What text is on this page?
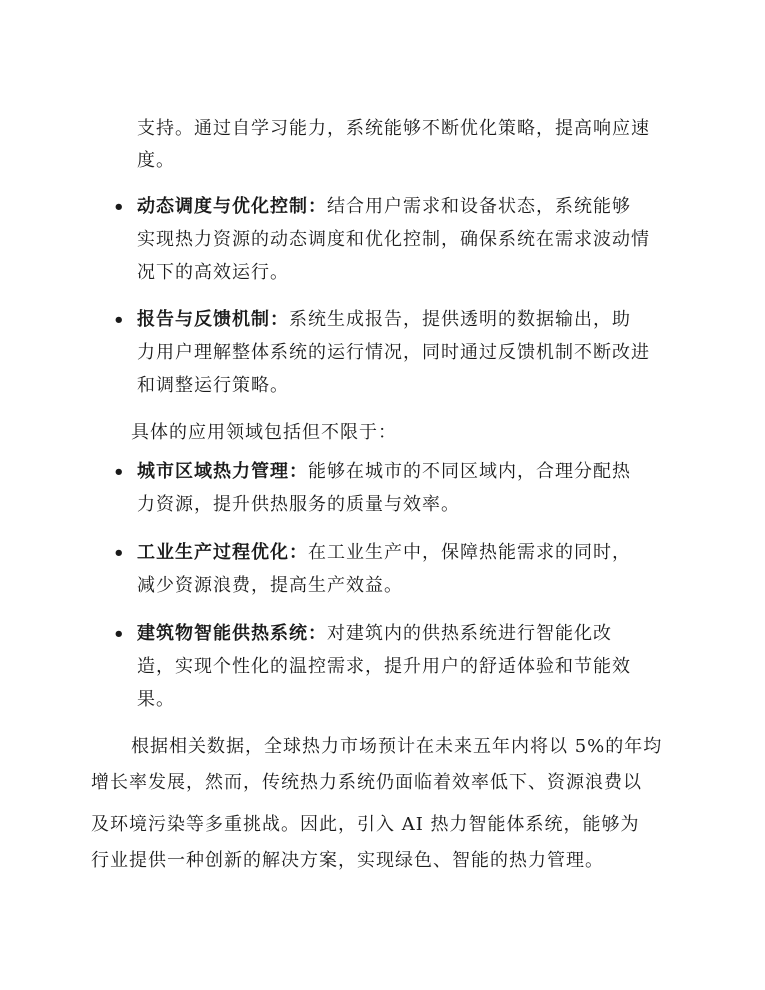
支持。通过自学习能力，系统能够不断优化策略，提高响应速
度。
• 动态调度与优化控制：结合用户需求和设备状态，系统能够
实现热力资源的动态调度和优化控制，确保系统在需求波动情
况下的高效运行。
• 报告与反馈机制：系统生成报告，提供透明的数据输出，助
力用户理解整体系统的运行情况，同时通过反馈机制不断改进
和调整运行策略。
具体的应用领域包括但不限于：
• 城市区域热力管理：能够在城市的不同区域内，合理分配热
力资源，提升供热服务的质量与效率。
• 工业生产过程优化：在工业生产中，保障热能需求的同时，
减少资源浪费，提高生产效益。
• 建筑物智能供热系统：对建筑内的供热系统进行智能化改
造，实现个性化的温控需求，提升用户的舒适体验和节能效
果。
根据相关数据，全球热力市场预计在未来五年内将以 5%的年均
增长率发展，然而，传统热力系统仍面临着效率低下、资源浪费以
及环境污染等多重挑战。因此，引入 AI 热力智能体系统，能够为
行业提供一种创新的解决方案，实现绿色、智能的热力管理。
